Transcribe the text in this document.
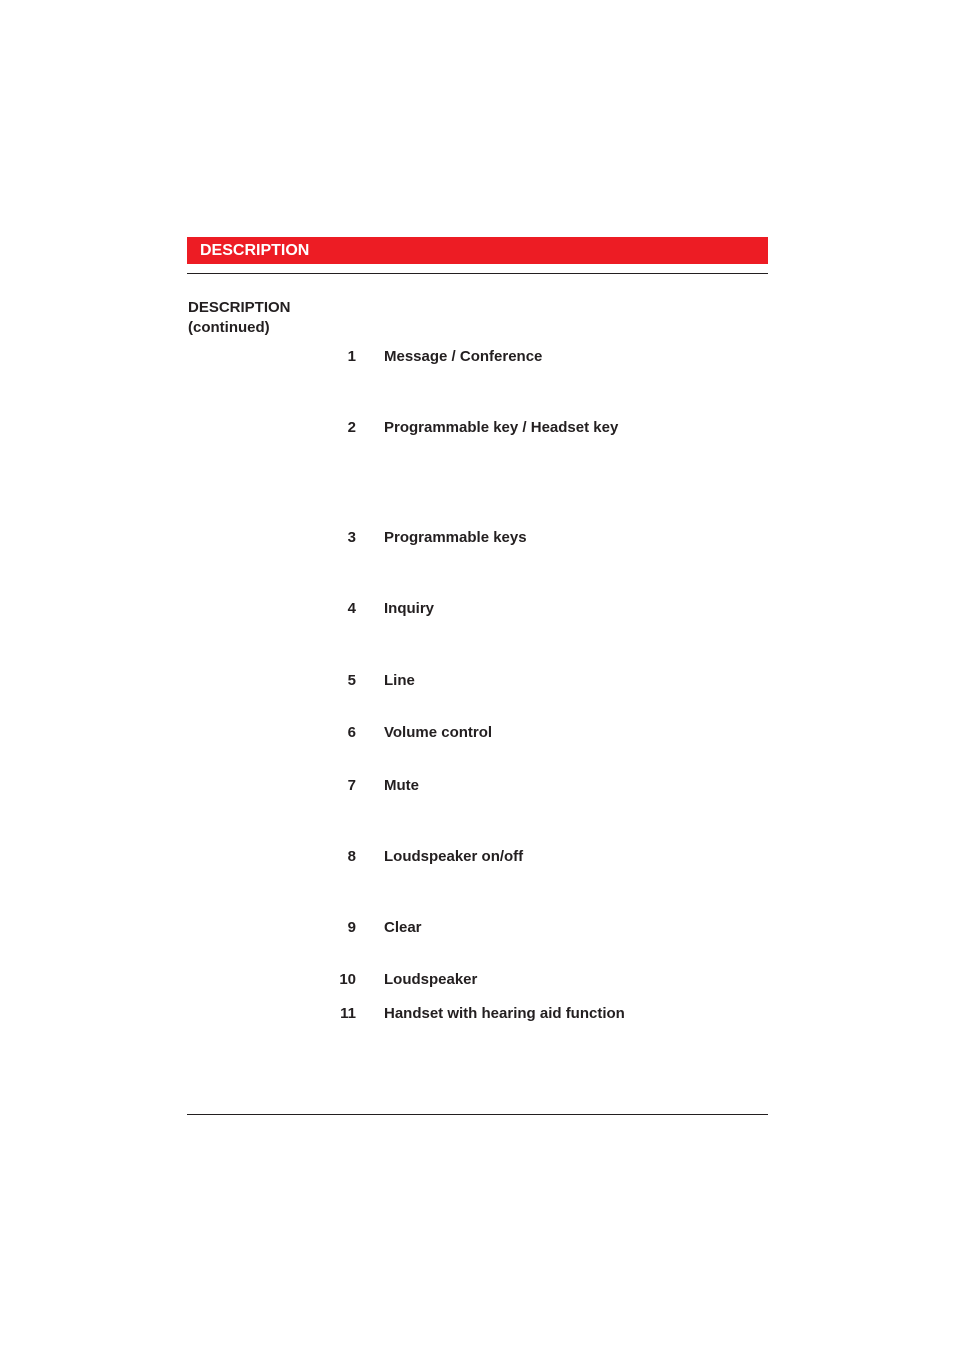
DESCRIPTION
DESCRIPTION
(continued)
1 Message / Conference
2 Programmable key / Headset key
3 Programmable keys
4 Inquiry
5 Line
6 Volume control
7 Mute
8 Loudspeaker on/off
9 Clear
10 Loudspeaker
11 Handset with hearing aid function
